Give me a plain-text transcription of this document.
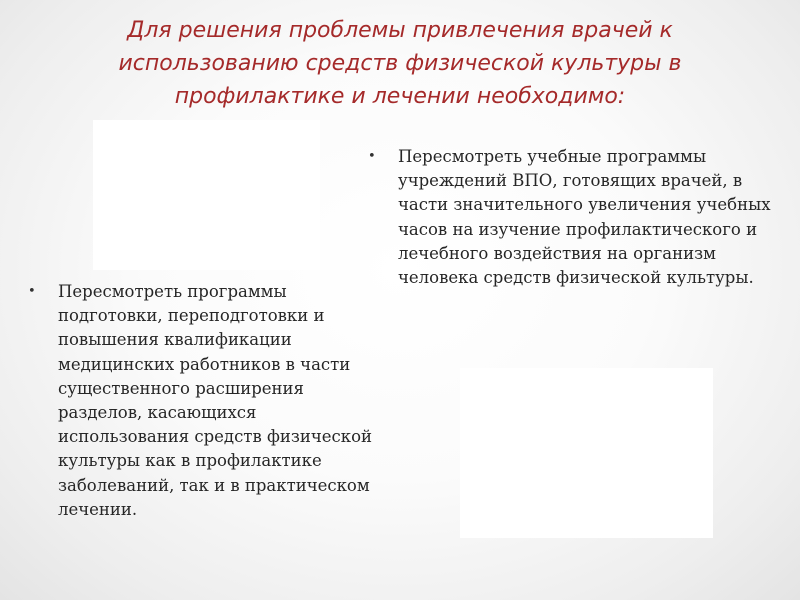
Для решения проблемы привлечения врачей к использованию средств физической культуры в профилактике и лечении необходимо:
• Пересмотреть учебные программы учреждений ВПО, готовящих врачей, в части значительного увеличения учебных часов на изучение профилактического и лечебного воздействия на организм человека средств физической культуры.
• Пересмотреть программы подготовки, переподготовки и повышения квалификации медицинских работников в части существенного расширения разделов, касающихся использования средств физической культуры как в профилактике заболеваний, так и в практическом лечении.
